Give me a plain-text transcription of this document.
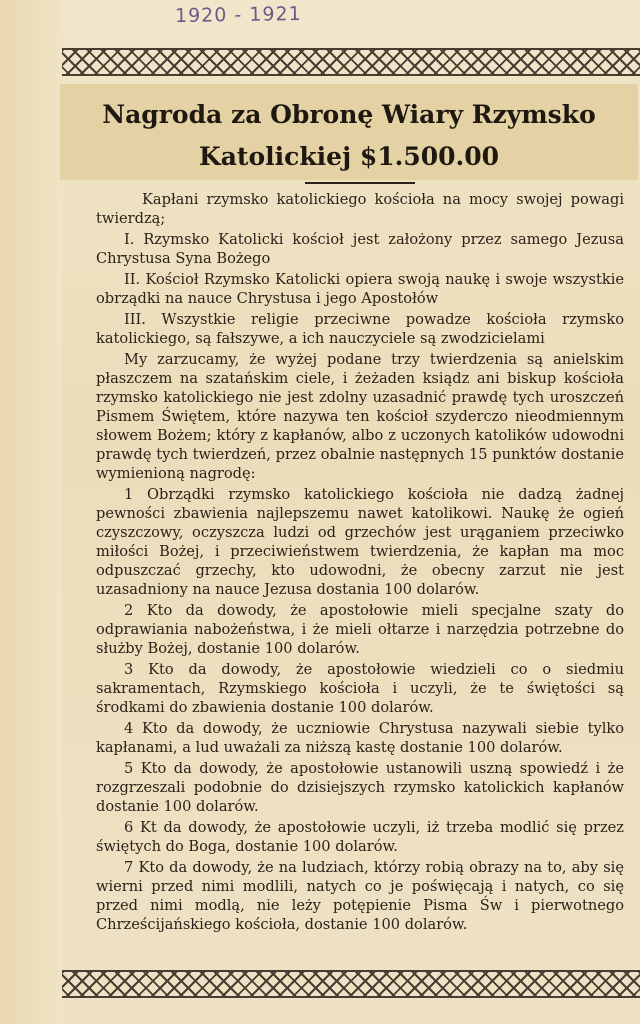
1920 - 1921
Nagroda za Obronę Wiary Rzymsko
Katolickiej $1.500.00

Kapłani rzymsko katolickiego kościoła na mocy swojej powagi twierdzą;

I. Rzymsko Katolicki kościoł jest założony przez samego Jezusa Chrystusa Syna Bożego

II. Kościoł Rzymsko Katolicki opiera swoją naukę i swoje wszystkie obrządki na nauce Chrystusa i jego Apostołów

III. Wszystkie religie przeciwne powadze kościoła rzymsko katolickiego, są fałszywe, a ich nauczyciele są zwodzicielami

My zarzucamy, że wyżej podane trzy twierdzenia są anielskim płaszczem na szatańskim ciele, i żeżaden ksiądz ani biskup kościoła rzymsko katolickiego nie jest zdolny uzasadnić prawdę tych uroszczeń Pismem Świętem, które nazywa ten kościoł szyderczo nieodmiennym słowem Bożem; który z kapłanów, albo z uczonych katolików udowodni prawdę tych twierdzeń, przez obalnie następnych 15 punktów dostanie wymienioną nagrodę:

1 Obrządki rzymsko katolickiego kościoła nie dadzą żadnej pewności zbawienia najlepszemu nawet katolikowi. Naukę że ogień czyszczowy, oczyszcza ludzi od grzechów jest urąganiem przeciwko miłości Bożej, i przeciwieństwem twierdzenia, że kapłan ma moc odpuszczać grzechy, kto udowodni, że obecny zarzut nie jest uzasadniony na nauce Jezusa dostania 100 dolarów.

2 Kto da dowody, że apostołowie mieli specjalne szaty do odprawiania nabożeństwa, i że mieli ołtarze i narzędzia potrzebne do służby Bożej, dostanie 100 dolarów.

3 Kto da dowody, że apostołowie wiedzieli co o siedmiu sakramentach, Rzymskiego kościoła i uczyli, że te świętości są środkami do zbawienia dostanie 100 dolarów.

4 Kto da dowody, że uczniowie Chrystusa nazywali siebie tylko kapłanami, a lud uważali za niższą kastę dostanie 100 dolarów.

5 Kto da dowody, że apostołowie ustanowili uszną spowiedź i że rozgrzeszali podobnie do dzisiejszych rzymsko katolickich kapłanów dostanie 100 dolarów.

6 Kt da dowody, że apostołowie uczyli, iż trzeba modlić się przez świętych do Boga, dostanie 100 dolarów.

7 Kto da dowody, że na ludziach, którzy robią obrazy na to, aby się wierni przed nimi modlili, natych co je poświęcają i natych, co się przed nimi modlą, nie leży potępienie Pisma Św i pierwotnego Chrześcijańskiego kościoła, dostanie 100 dolarów.
